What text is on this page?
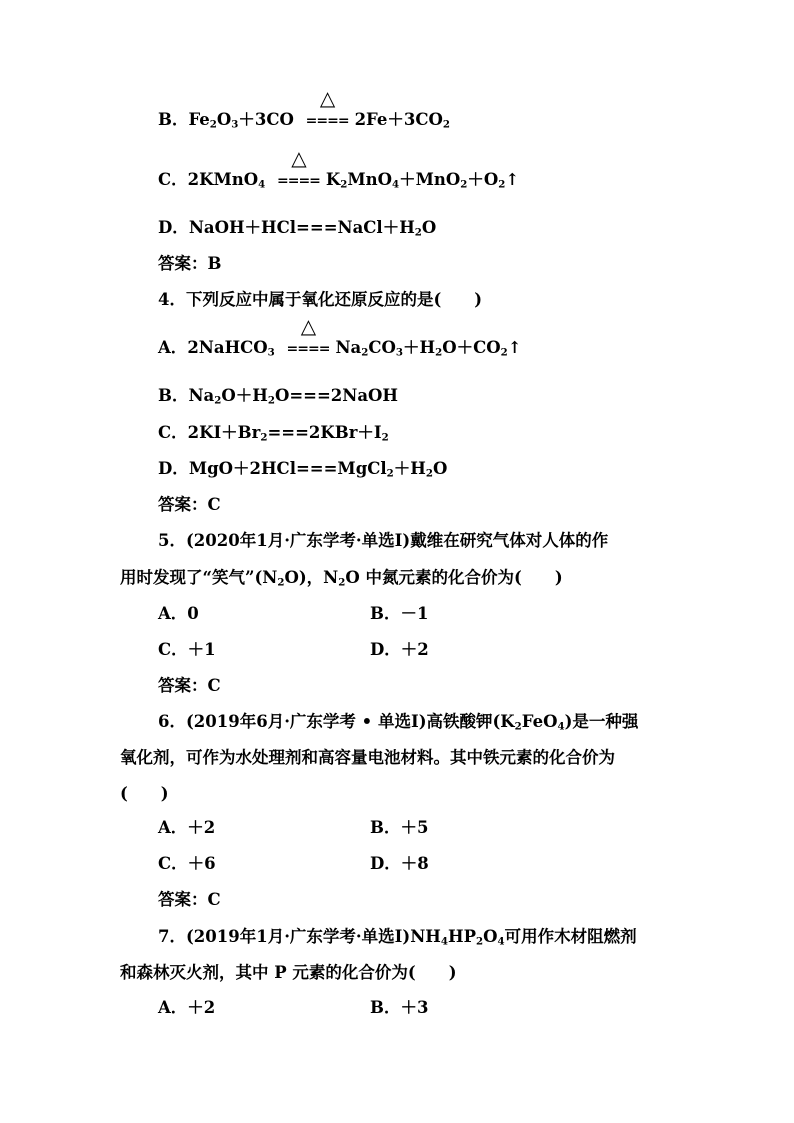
B．$Fe_2O_3+3CO$
△
==== $2Fe+3CO_2$
C．2KMnO$_4$
△
==== $K_2MnO_4+MnO_2+O_2↑$
D．$NaOH+HCl===NaCl+H_2O$
答案：B
4．下列反应中属于氧化还原反应的是(　　)
A．2NaHCO$_3$
△
==== $Na_2CO_3+H_2O+CO_2↑$
B．$Na_2O+H_2O===2NaOH$
C．$2KI+Br_2===2KBr+I_2$
D．$MgO+2HCl===MgCl_2+H_2O$
答案：C
5．(2020年1月·广东学考·单选Ⅰ)戴维在研究气体对人体的作
用时发现了“笑气$”(N_2O)$，$N_2O$ 中氮元素的化合价为(　　)
A．0	B．－1
C．＋1	D．＋2
答案：C
6．(2019年6月·广东学考 • 单选Ⅰ)高铁酸钾$(K_2FeO_4)$是一种强
氧化剂，可作为水处理剂和高容量电池材料。其中铁元素的化合价为
(　　)
A．＋2	B．＋5
C．＋6	D．＋8
答案：C
7．(2019年1月·广东学考·单选$Ⅰ)NH_4HP_2O_4$可用作木材阻燃剂
和森林灭火剂，其中 P 元素的化合价为(　　)
A．＋2	B．＋3
